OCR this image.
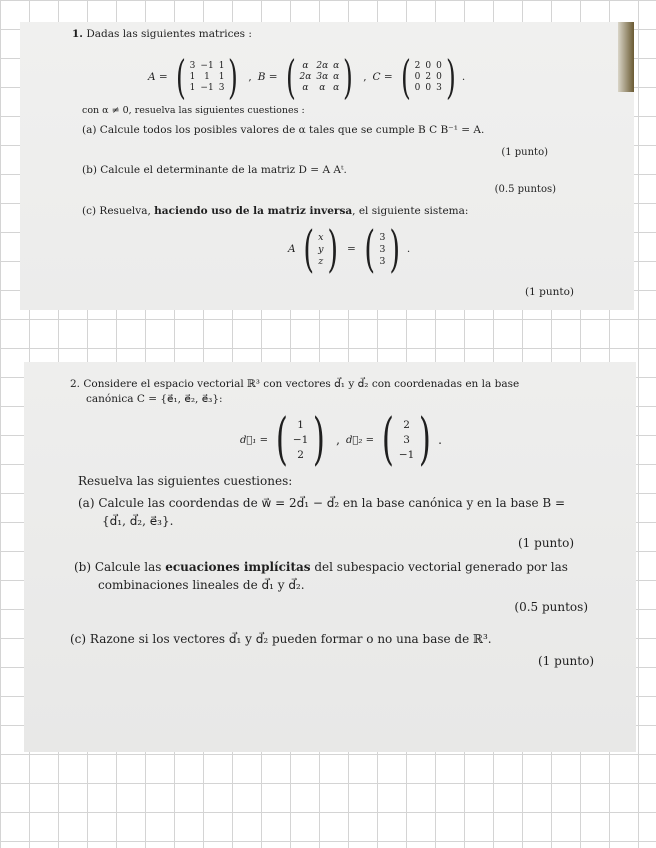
1. Dadas las siguientes matrices :
A = ( 3 −1 1
1 1 1
1 −1 3 ) , B = ( α 2α α
2α 3α α
α	α α ) , C = ( 2 0 0
0 2 0
0 0 3 ) .
con α ≠ 0, resuelva las siguientes cuestiones :
(a) Calcule todos los posibles valores de α tales que se cumple B C B⁻¹ = A.
(1 punto)
(b) Calcule el determinante de la matriz D = A Aᵗ.
(0.5 puntos)
(c) Resuelva, haciendo uso de la matriz inversa, el siguiente sistema:
A ( x
y
z ) = ( 3
3
3 ) .
(1 punto)
2. Considere el espacio vectorial ℝ³ con vectores d⃗₁ y d⃗₂ con coordenadas en la base
canónica C = {e⃗₁, e⃗₂, e⃗₃}:
d⃗₁ = ( 1
−1
2 ) , d⃗₂ = ( 2
3
−1 ) .
Resuelva las siguientes cuestiones:
(a) Calcule las coordendas de w⃗ = 2d⃗₁ − d⃗₂ en la base canónica y en la base B =
{d⃗₁, d⃗₂, e⃗₃}.
(1 punto)
(b) Calcule las ecuaciones implícitas del subespacio vectorial generado por las
combinaciones lineales de d⃗₁ y d⃗₂.
(0.5 puntos)
(c) Razone si los vectores d⃗₁ y d⃗₂ pueden formar o no una base de ℝ³.
(1 punto)
